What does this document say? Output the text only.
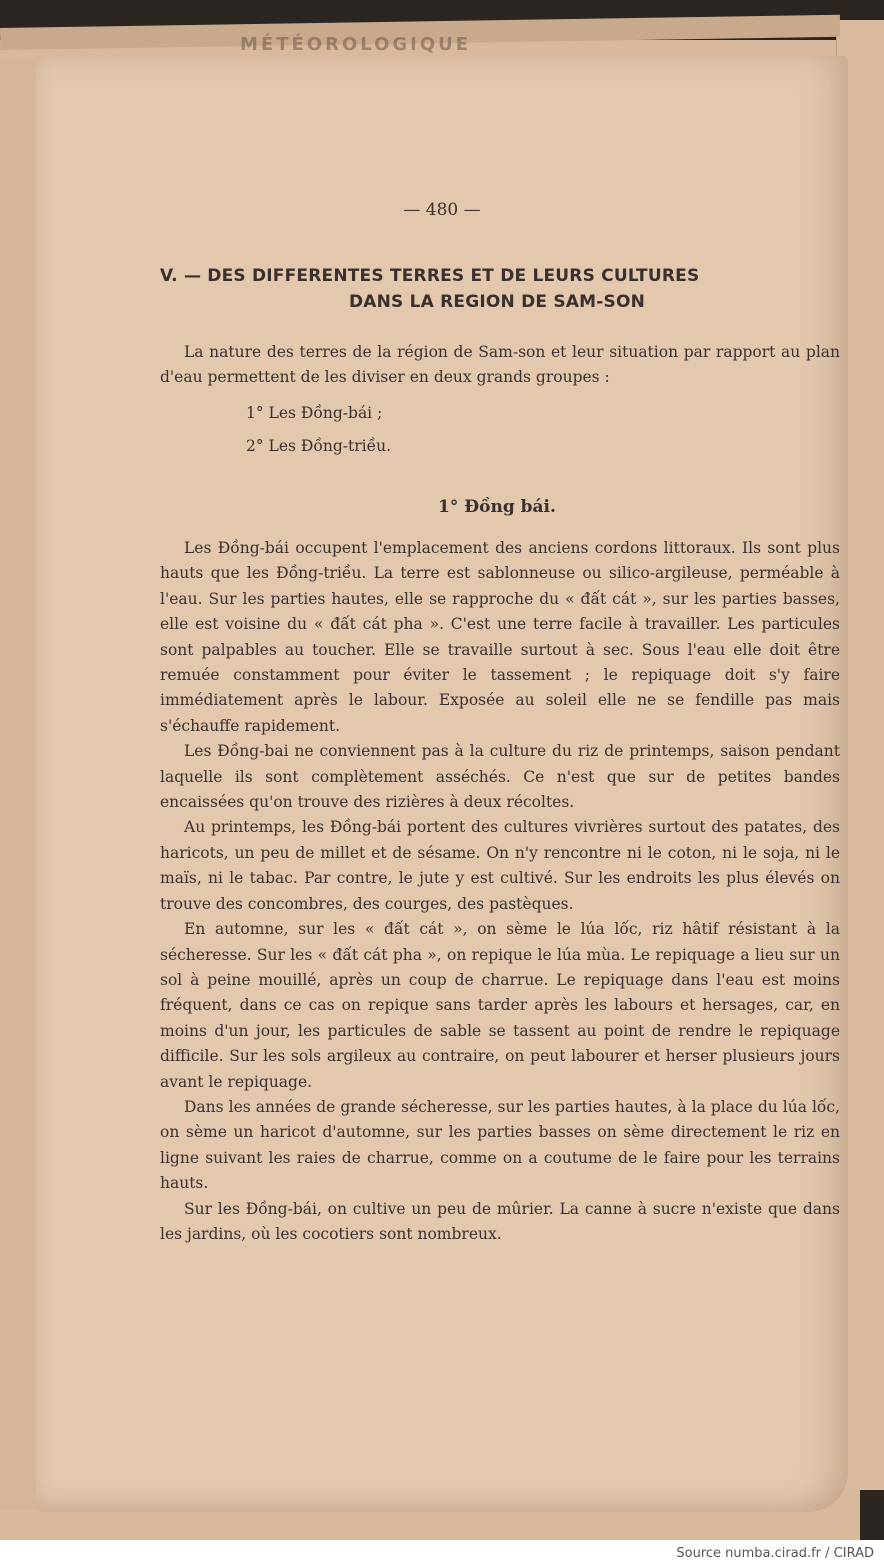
MÉTÉOROLOGIQUE
— 480 —
V. — DES DIFFERENTES TERRES ET DE LEURS CULTURES
DANS LA REGION DE SAM-SON

La nature des terres de la région de Sam-son et leur situation par rapport au plan d'eau permettent de les diviser en deux grands groupes :

1° Les Đồng-bái ;
2° Les Đồng-triều.
1° Đồng bái.

Les Đồng-bái occupent l'emplacement des anciens cordons littoraux. Ils sont plus hauts que les Đồng-triều. La terre est sablonneuse ou silico-argileuse, perméable à l'eau. Sur les parties hautes, elle se rapproche du « đất cát », sur les parties basses, elle est voisine du « đất cát pha ». C'est une terre facile à travailler. Les particules sont palpables au toucher. Elle se travaille surtout à sec. Sous l'eau elle doit être remuée constamment pour éviter le tassement ; le repiquage doit s'y faire immédiatement après le labour. Exposée au soleil elle ne se fendille pas mais s'échauffe rapidement.

Les Đồng-bai ne conviennent pas à la culture du riz de printemps, saison pendant laquelle ils sont complètement asséchés. Ce n'est que sur de petites bandes encaissées qu'on trouve des rizières à deux récoltes.

Au printemps, les Đồng-bái portent des cultures vivrières surtout des patates, des haricots, un peu de millet et de sésame. On n'y rencontre ni le coton, ni le soja, ni le maïs, ni le tabac. Par contre, le jute y est cultivé. Sur les endroits les plus élevés on trouve des concombres, des courges, des pastèques.

En automne, sur les « đất cát », on sème le lúa lốc, riz hâtif résistant à la sécheresse. Sur les « đất cát pha », on repique le lúa mùa. Le repiquage a lieu sur un sol à peine mouillé, après un coup de charrue. Le repiquage dans l'eau est moins fréquent, dans ce cas on repique sans tarder après les labours et hersages, car, en moins d'un jour, les particules de sable se tassent au point de rendre le repiquage difficile. Sur les sols argileux au contraire, on peut labourer et herser plusieurs jours avant le repiquage.

Dans les années de grande sécheresse, sur les parties hautes, à la place du lúa lốc, on sème un haricot d'automne, sur les parties basses on sème directement le riz en ligne suivant les raies de charrue, comme on a coutume de le faire pour les terrains hauts.

Sur les Đồng-bái, on cultive un peu de mûrier. La canne à sucre n'existe que dans les jardins, où les cocotiers sont nombreux.

Source numba.cirad.fr / CIRAD
